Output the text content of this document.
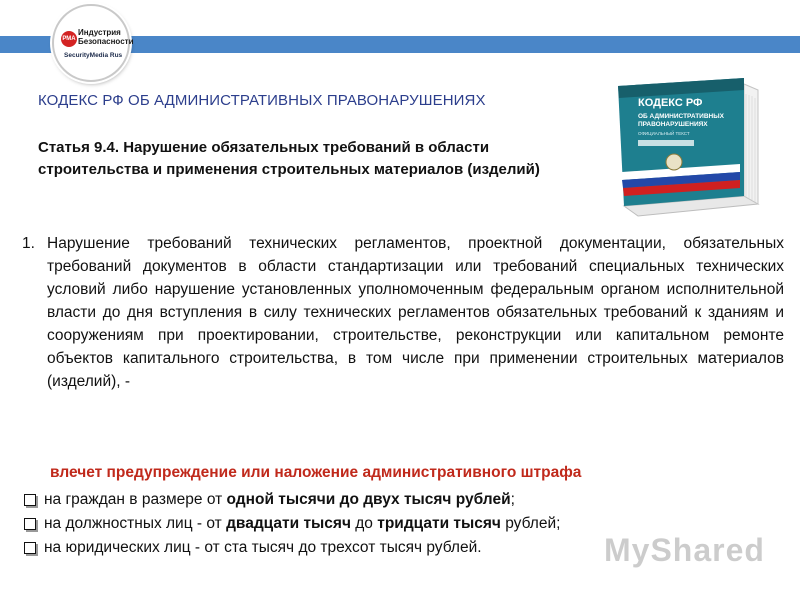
РМА
Индустрия
Безопасности
SecurityMedia Rus
КОДЕКС РФ ОБ АДМИНИСТРАТИВНЫХ ПРАВОНАРУШЕНИЯХ
Статья 9.4. Нарушение обязательных требований в области строительства и применения строительных материалов (изделий)
КОДЕКС РФ
ОБ АДМИНИСТРАТИВНЫХ
ПРАВОНАРУШЕНИЯХ
ОФИЦИАЛЬНЫЙ ТЕКСТ
1. Нарушение требований технических регламентов, проектной документации, обязательных требований документов в области стандартизации или требований специальных технических условий либо нарушение установленных уполномоченным федеральным органом исполнительной власти до дня вступления в силу технических регламентов обязательных требований к зданиям и сооружениям при проектировании, строительстве, реконструкции или капитальном ремонте объектов капитального строительства, в том числе при применении строительных материалов (изделий), -
влечет предупреждение или наложение административного штрафа
на граждан в размере от одной тысячи до двух тысяч рублей;
на должностных лиц - от двадцати тысяч до тридцати тысяч рублей;
на юридических лиц - от ста тысяч до трехсот тысяч рублей.	MyShared
